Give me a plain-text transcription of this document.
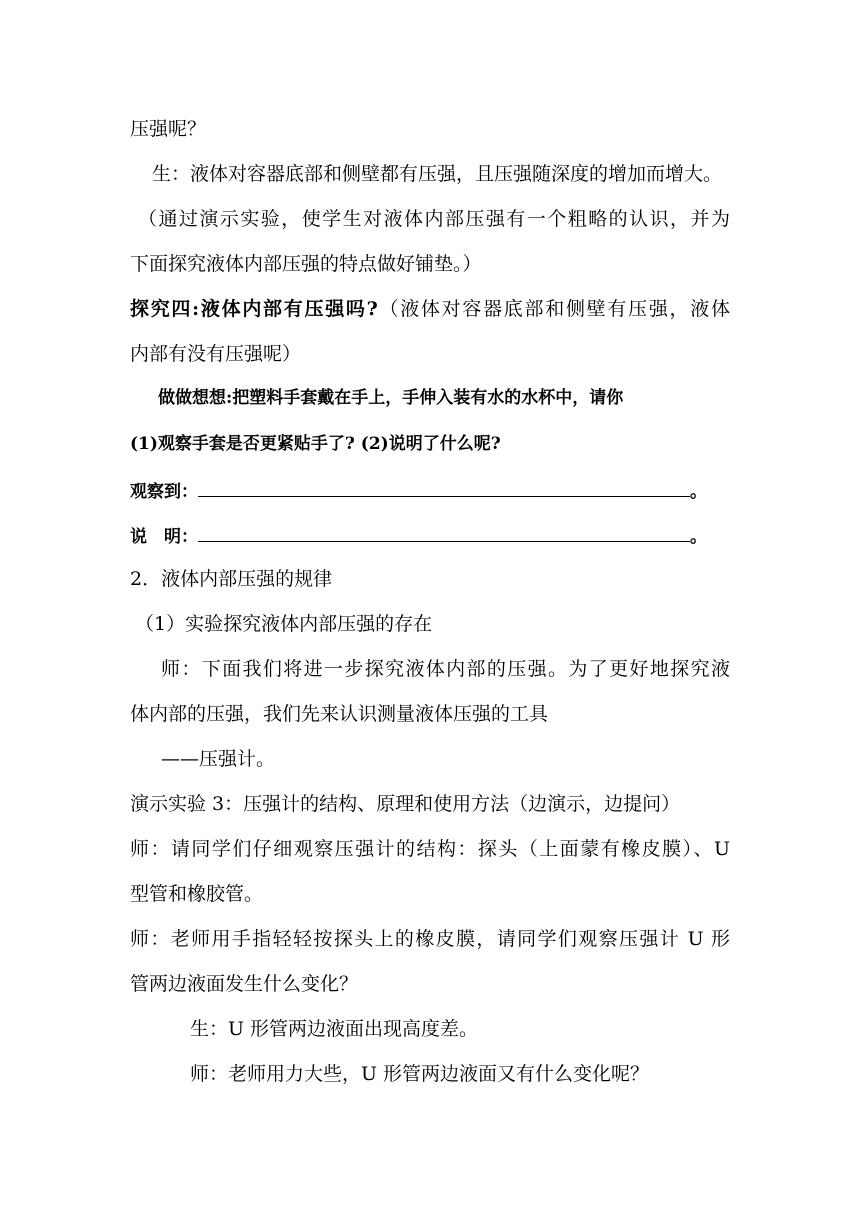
压强呢？
生：液体对容器底部和侧壁都有压强，且压强随深度的增加而增大。
（通过演示实验，使学生对液体内部压强有一个粗略的认识，并为
下面探究液体内部压强的特点做好铺垫。）
探究四:液体内部有压强吗?（液体对容器底部和侧壁有压强，液体
内部有没有压强呢）
做做想想:把塑料手套戴在手上，手伸入装有水的水杯中，请你
(1)观察手套是否更紧贴手了? (2)说明了什么呢?
观察到：	。
说　明：	。
2．液体内部压强的规律
（1）实验探究液体内部压强的存在
师：下面我们将进一步探究液体内部的压强。为了更好地探究液
体内部的压强，我们先来认识测量液体压强的工具
——压强计。
演示实验 3：压强计的结构、原理和使用方法（边演示，边提问）
师：请同学们仔细观察压强计的结构：探头（上面蒙有橡皮膜）、U
型管和橡胶管。
师：老师用手指轻轻按探头上的橡皮膜，请同学们观察压强计 U 形
管两边液面发生什么变化？
生：U 形管两边液面出现高度差。
师：老师用力大些，U 形管两边液面又有什么变化呢？
